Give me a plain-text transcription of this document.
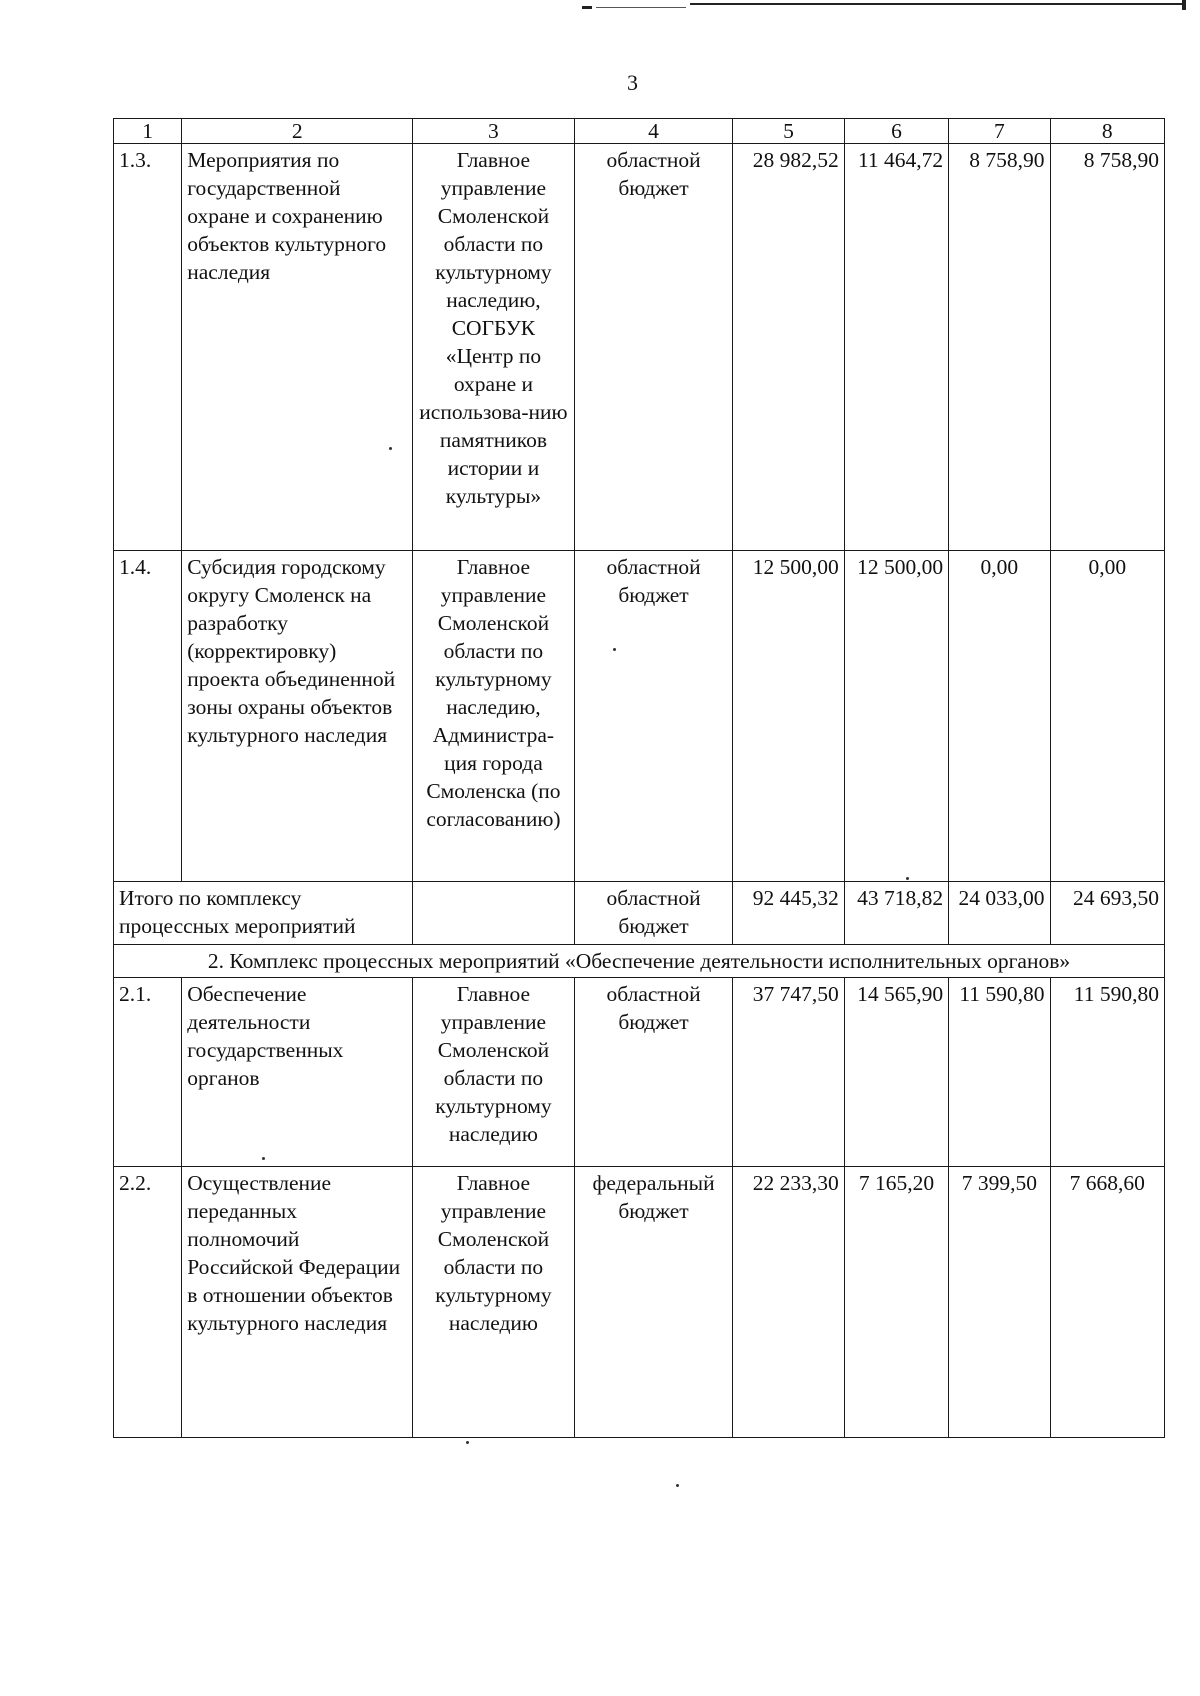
3
1	2	3	4	5	6	7	8
1.3.	Мероприятия по государственной охране и сохранению объектов культурного наследия	Главное управление Смоленской области по культурному наследию, СОГБУК «Центр по охране и использова-нию памятников истории и культуры»	областной бюджет	28 982,52	11 464,72	8 758,90	8 758,90
1.4.	Субсидия городскому округу Смоленск на разработку (корректировку) проекта объединенной зоны охраны объектов культурного наследия	Главное управление Смоленской области по культурному наследию, Администра-ция города Смоленска (по согласованию)	областной бюджет	12 500,00	12 500,00	0,00	0,00
Итого по комплексу процессных мероприятий			областной бюджет	92 445,32	43 718,82	24 033,00	24 693,50
2. Комплекс процессных мероприятий «Обеспечение деятельности исполнительных органов»							
2.1.	Обеспечение деятельности государственных органов	Главное управление Смоленской области по культурному наследию	областной бюджет	37 747,50	14 565,90	11 590,80	11 590,80
2.2.	Осуществление переданных полномочий Российской Федерации в отношении объектов культурного наследия	Главное управление Смоленской области по культурному наследию	федеральный бюджет	22 233,30	7 165,20	7 399,50	7 668,60
